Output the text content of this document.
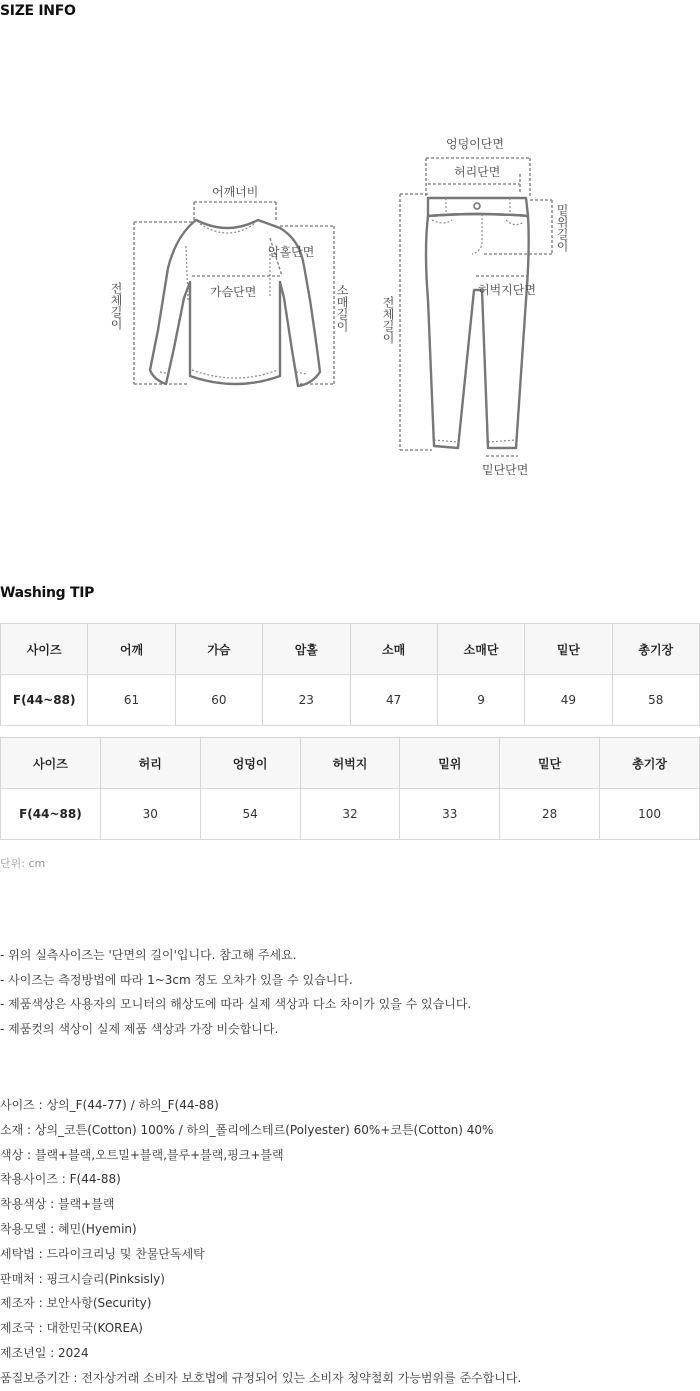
SIZE INFO
어깨너비
암홀단면
가슴단면
전체길이	소매길이
엉덩이단면
허리단면
밑위길이
허벅지단면
전체길이
밑단단면
Washing TIP
사이즈	어깨	가슴	암홀	소매	소매단	밑단	총기장
F(44~88)	61	60	23	47	9	49	58
사이즈	허리	엉덩이	허벅지	밑위	밑단	총기장
F(44~88)	30	54	32	33	28	100
단위: cm
- 위의 실측사이즈는 '단면의 길이'입니다. 참고해 주세요.
- 사이즈는 측정방법에 따라 1~3cm 정도 오차가 있을 수 있습니다.
- 제품색상은 사용자의 모니터의 해상도에 따라 실제 색상과 다소 차이가 있을 수 있습니다.
- 제품컷의 색상이 실제 제품 색상과 가장 비슷합니다.
사이즈 : 상의_F(44-77) / 하의_F(44-88)
소재 : 상의_코튼(Cotton) 100% / 하의_폴리에스테르(Polyester) 60%+코튼(Cotton) 40%
색상 : 블랙+블랙,오트밀+블랙,블루+블랙,핑크+블랙
착용사이즈 : F(44-88)
착용색상 : 블랙+블랙
착용모델 : 혜민(Hyemin)
세탁법 : 드라이크리닝 및 찬물단독세탁
판매처 : 핑크시슬리(Pinksisly)
제조자 : 보안사항(Security)
제조국 : 대한민국(KOREA)
제조년일 : 2024
품질보증기간 : 전자상거래 소비자 보호법에 규정되어 있는 소비자 청약철회 가능범위를 준수합니다.
